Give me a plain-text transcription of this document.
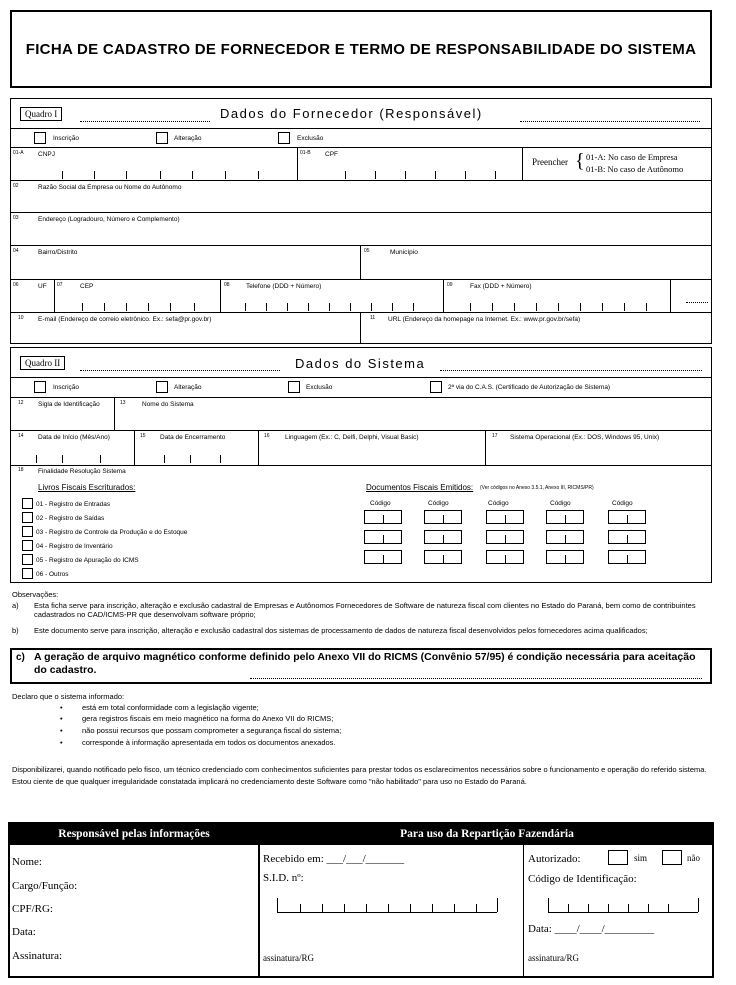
FICHA DE CADASTRO DE FORNECEDOR E TERMO DE RESPONSABILIDADE DO SISTEMA
Quadro I	Dados do Fornecedor (Responsável)
Inscrição	Alteração	Exclusão
01-A CNPJ	01-B CPF
Preencher { 01-A: No caso de Empresa
01-B: No caso de Autônomo
02	Razão Social da Empresa ou Nome do Autônomo
03	Endereço (Logradouro, Número e Complemento)
04	Bairro/Distrito	05	Município
06	UF 07	CEP	08	Telefone (DDD + Número)	09	Fax (DDD + Número)
10 E-mail (Endereço de correio eletrônico. Ex.: sefa@pr.gov.br)	11 URL (Endereço da homepage na Internet. Ex.: www.pr.gov.br/sefa)
Quadro II	Dados do Sistema
Inscrição	Alteração	Exclusão	2ª via do C.A.S. (Certificado de Autorização de Sistema)
12 Sigla de Identificação	13	Nome do Sistema
14 Data de Início (Mês/Ano)	15 Data de Encerramento	16 Linguagem (Ex.: C, Delfi, Delphi, Visual Basic)	17 Sistema Operacional (Ex.: DOS, Windows 95, Unix)
18 Finalidade Resolução Sistema
Livros Fiscais Escriturados:
01 - Registro de Entradas
02 - Registro de Saídas
03 - Registro de Controle da Produção e do Estoque
04 - Registro de Inventário
05 - Registro de Apuração do ICMS
06 - Outros
Documentos Fiscais Emitidos: (Ver códigos no Anexo 3.5.1, Anexo III, RICMS/PR)
Código	Código	Código	Código	Código
Observações:
a) Esta ficha serve para inscrição, alteração e exclusão cadastral de Empresas e Autônomos Fornecedores de Software de natureza fiscal com clientes no Estado do Paraná, bem como de contribuintes cadastrados no CAD/ICMS-PR que desenvolvam software próprio;
b) Este documento serve para inscrição, alteração e exclusão cadastral dos sistemas de processamento de dados de natureza fiscal desenvolvidos pelos fornecedores acima qualificados;
c) A geração de arquivo magnético conforme definido pelo Anexo VII do RICMS (Convênio 57/95) é condição necessária para aceitação do cadastro.
Declaro que o sistema informado:
•	está em total conformidade com a legislação vigente;
•	gera registros fiscais em meio magnético na forma do Anexo VII do RICMS;
•	não possui recursos que possam comprometer a segurança fiscal do sistema;
•	corresponde à informação apresentada em todos os documentos anexados.
Disponibilizarei, quando notificado pelo fisco, um técnico credenciado com conhecimentos suficientes para prestar todos os esclarecimentos necessários sobre o funcionamento e operação do referido sistema. Estou ciente de que qualquer irregularidade constatada implicará no credenciamento deste Software como "não habilitado" para uso no Estado do Paraná.
Responsável pelas informações	Para uso da Repartição Fazendária
Nome:
Cargo/Função:
CPF/RG:
Data:
Assinatura:
Recebido em: ___/___/_______
S.I.D. nº:
assinatura/RG
Autorizado:	sim	não
Código de Identificação:
Data: ____/____/_________
assinatura/RG
